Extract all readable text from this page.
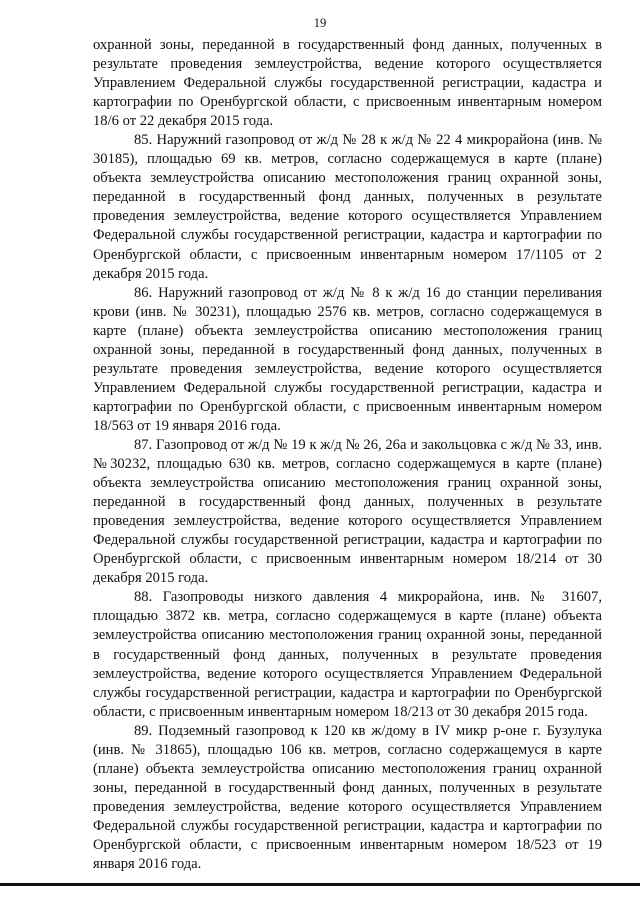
19

охранной зоны, переданной в государственный фонд данных, полученных в результате проведения землеустройства, ведение которого осуществляется Управлением Федеральной службы государственной регистрации, кадастра и картографии по Оренбургской области, с присвоенным инвентарным номером 18/6 от 22 декабря 2015 года.

85. Наружний газопровод от ж/д № 28 к ж/д № 22 4 микрорайона (инв. № 30185), площадью 69 кв. метров, согласно содержащемуся в карте (плане) объекта землеустройства описанию местоположения границ охранной зоны, переданной в государственный фонд данных, полученных в результате проведения землеустройства, ведение которого осуществляется Управлением Федеральной службы государственной регистрации, кадастра и картографии по Оренбургской области, с присвоенным инвентарным номером 17/1105 от 2 декабря 2015 года.

86. Наружний газопровод от ж/д № 8 к ж/д 16 до станции переливания крови (инв. № 30231), площадью 2576 кв. метров, согласно содержащемуся в карте (плане) объекта землеустройства описанию местоположения границ охранной зоны, переданной в государственный фонд данных, полученных в результате проведения землеустройства, ведение которого осуществляется Управлением Федеральной службы государственной регистрации, кадастра и картографии по Оренбургской области, с присвоенным инвентарным номером 18/563 от 19 января 2016 года.

87. Газопровод от ж/д № 19 к ж/д № 26, 26а и закольцовка с ж/д № 33, инв. №30232, площадью 630 кв. метров, согласно содержащемуся в карте (плане) объекта землеустройства описанию местоположения границ охранной зоны, переданной в государственный фонд данных, полученных в результате проведения землеустройства, ведение которого осуществляется Управлением Федеральной службы государственной регистрации, кадастра и картографии по Оренбургской области, с присвоенным инвентарным номером 18/214 от 30 декабря 2015 года.

88. Газопроводы низкого давления 4 микрорайона, инв. № 31607, площадью 3872 кв. метра, согласно содержащемуся в карте (плане) объекта землеустройства описанию местоположения границ охранной зоны, переданной в государственный фонд данных, полученных в результате проведения землеустройства, ведение которого осуществляется Управлением Федеральной службы государственной регистрации, кадастра и картографии по Оренбургской области, с присвоенным инвентарным номером 18/213 от 30 декабря 2015 года.

89. Подземный газопровод к 120 кв ж/дому в IV микр р-оне г. Бузулука (инв. № 31865), площадью 106 кв. метров, согласно содержащемуся в карте (плане) объекта землеустройства описанию местоположения границ охранной зоны, переданной в государственный фонд данных, полученных в результате проведения землеустройства, ведение которого осуществляется Управлением Федеральной службы государственной регистрации, кадастра и картографии по Оренбургской области, с присвоенным инвентарным номером 18/523 от 19 января 2016 года.
